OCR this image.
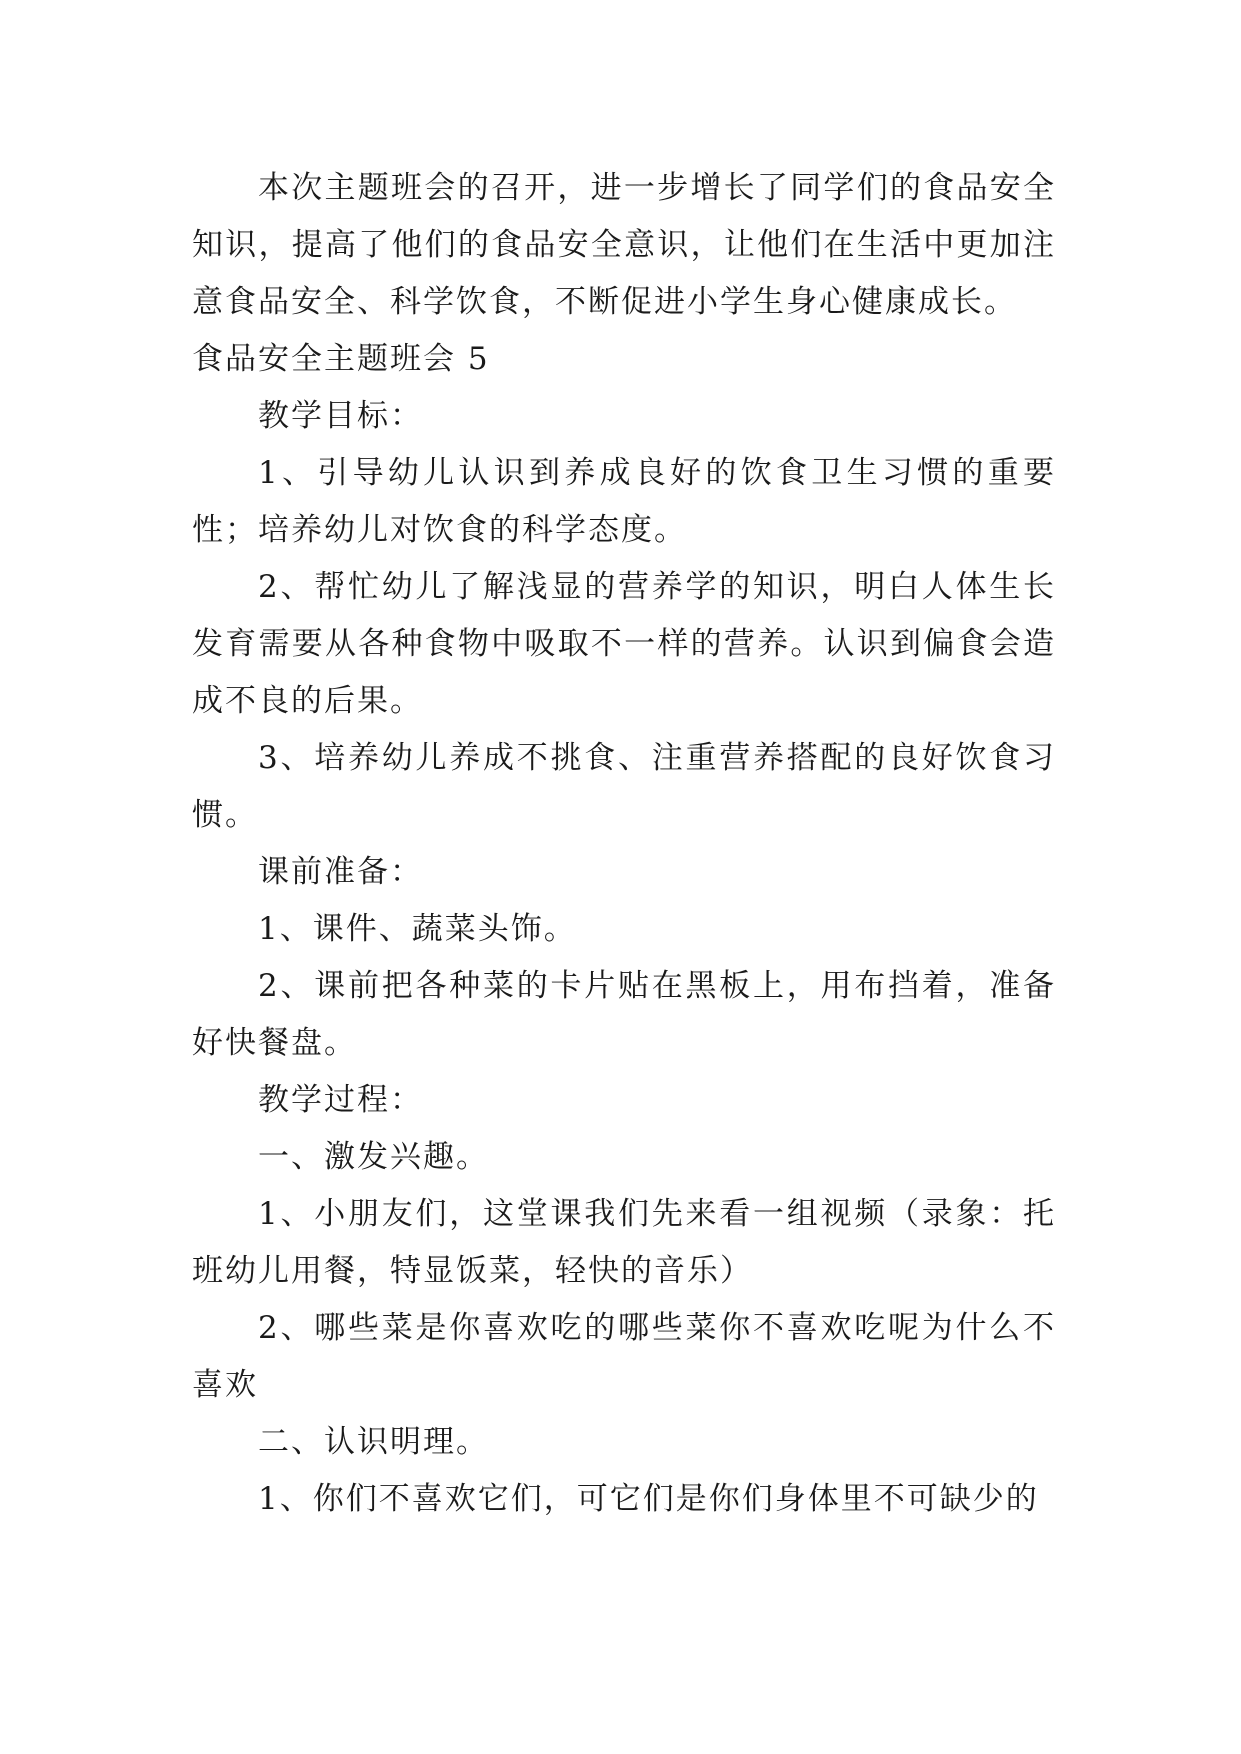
本次主题班会的召开，进一步增长了同学们的食品安全知识，提高了他们的食品安全意识，让他们在生活中更加注意食品安全、科学饮食，不断促进小学生身心健康成长。

食品安全主题班会 5

教学目标：

1、引导幼儿认识到养成良好的饮食卫生习惯的重要性；培养幼儿对饮食的科学态度。

2、帮忙幼儿了解浅显的营养学的知识，明白人体生长发育需要从各种食物中吸取不一样的营养。认识到偏食会造成不良的后果。

3、培养幼儿养成不挑食、注重营养搭配的良好饮食习惯。

课前准备：

1、课件、蔬菜头饰。

2、课前把各种菜的卡片贴在黑板上，用布挡着，准备好快餐盘。

教学过程：

一、激发兴趣。

1、小朋友们，这堂课我们先来看一组视频（录象：托班幼儿用餐，特显饭菜，轻快的音乐）

2、哪些菜是你喜欢吃的哪些菜你不喜欢吃呢为什么不喜欢

二、认识明理。

1、你们不喜欢它们，可它们是你们身体里不可缺少的
